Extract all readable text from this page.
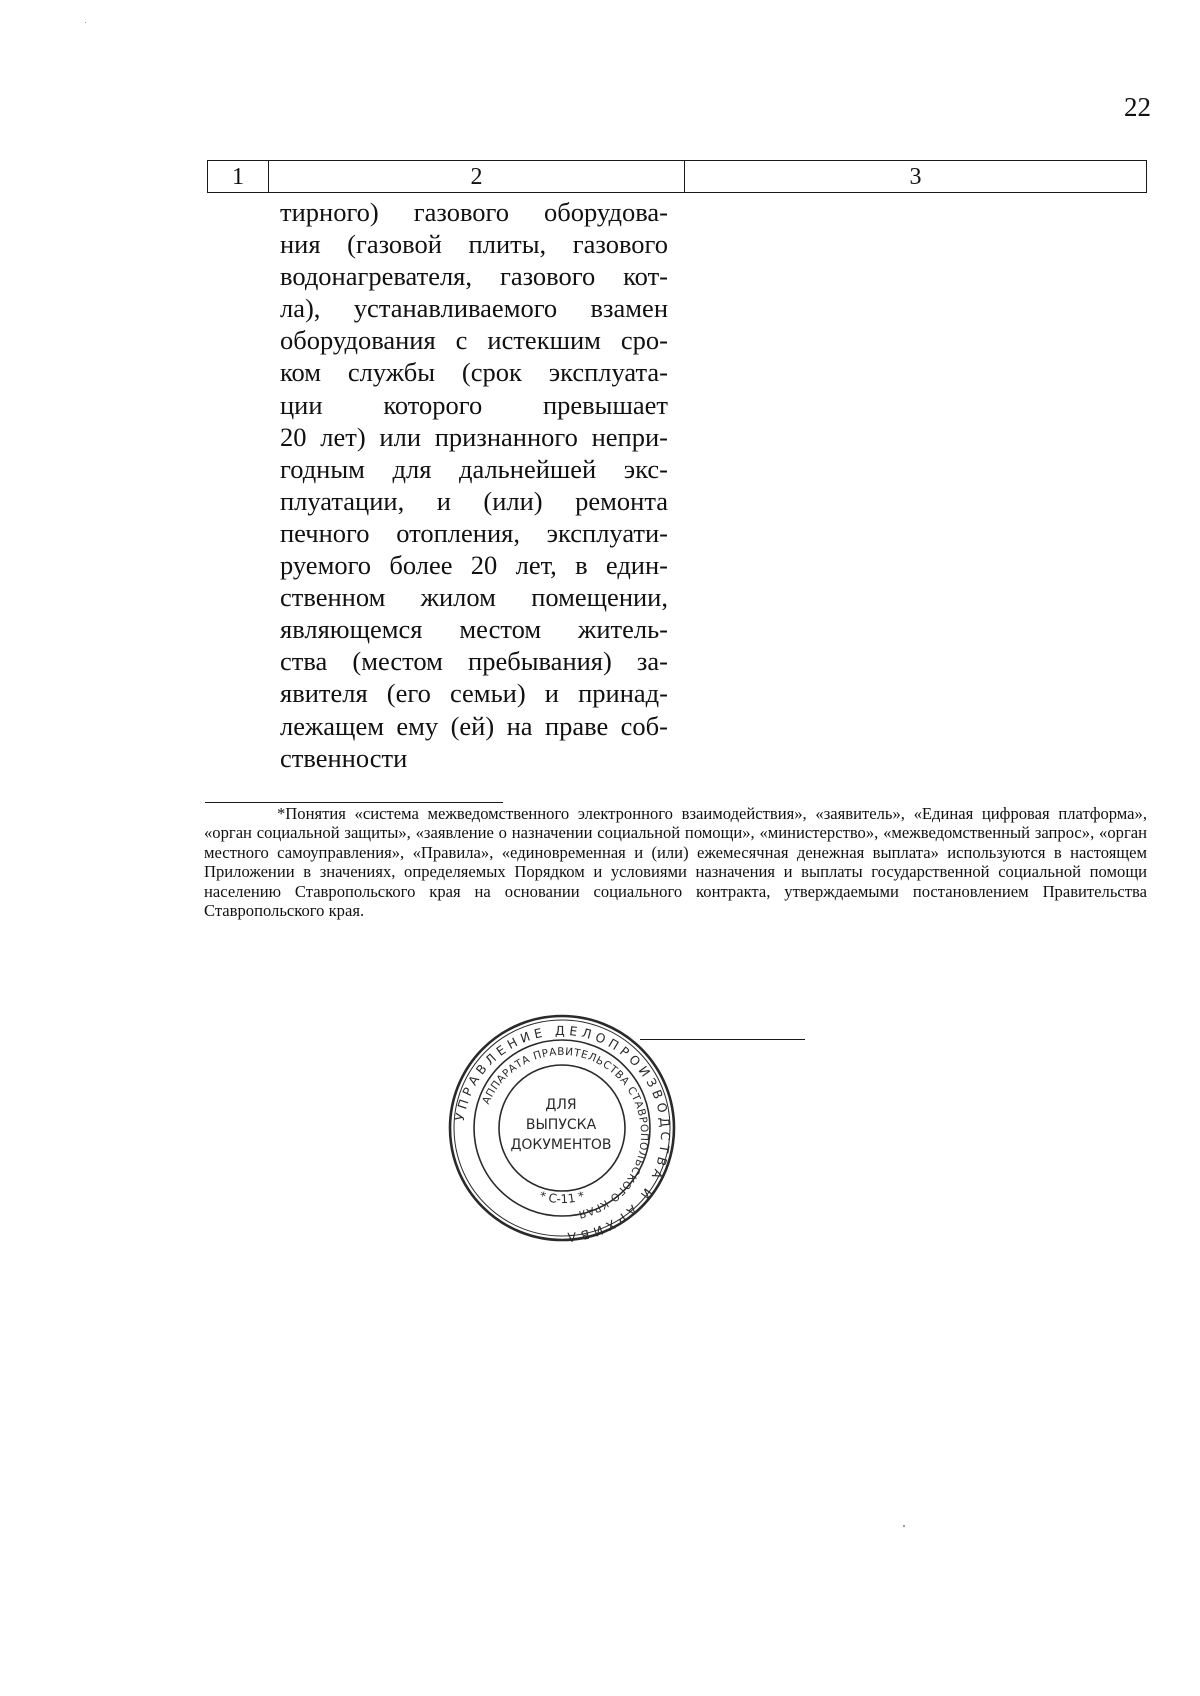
22
1	2	3
тирного) газового оборудова-
ния (газовой плиты, газового
водонагревателя, газового кот-
ла), устанавливаемого взамен
оборудования с истекшим сро-
ком службы (срок эксплуата-
ции которого превышает
20 лет) или признанного непри-
годным для дальнейшей экс-
плуатации, и (или) ремонта
печного отопления, эксплуати-
руемого более 20 лет, в един-
ственном жилом помещении,
являющемся местом житель-
ства (местом пребывания) за-
явителя (его семьи) и принад-
лежащем ему (ей) на праве соб-
ственности
*Понятия «система межведомственного электронного взаимодействия», «заявитель», «Единая цифровая платформа», «орган социальной защиты», «заявление о назначении социальной помощи», «министерство», «межведомственный запрос», «орган местного самоуправления», «Правила», «единовременная и (или) ежемесячная денежная выплата» используются в настоящем Приложении в значениях, определяемых Порядком и условиями назначения и выплаты государственной социальной помощи населению Ставропольского края на основании социального контракта, утверждаемыми постановлением Правительства Ставропольского края.
УПРАВЛЕНИЕ ДЕЛОПРОИЗВОДСТВА И АРХИВА
АППАРАТА ПРАВИТЕЛЬСТВА СТАВРОПОЛЬСКОГО КРАЯ
* С-11 *
ДЛЯ
ВЫПУСКА
ДОКУМЕНТОВ
